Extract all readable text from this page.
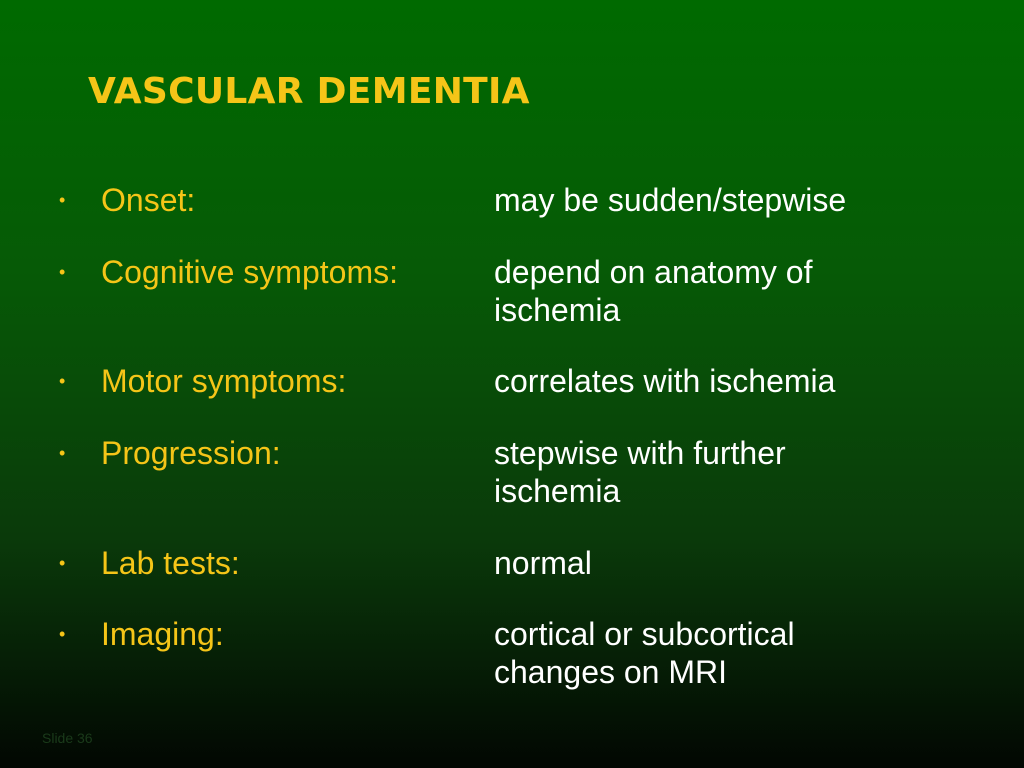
VASCULAR DEMENTIA
• Onset:	may be sudden/stepwise
• Cognitive symptoms:	depend on anatomy of
ischemia
• Motor symptoms:	correlates with ischemia
• Progression:	stepwise with further
ischemia
• Lab tests:	normal
• Imaging:	cortical or subcortical
changes on MRI
Slide 36
